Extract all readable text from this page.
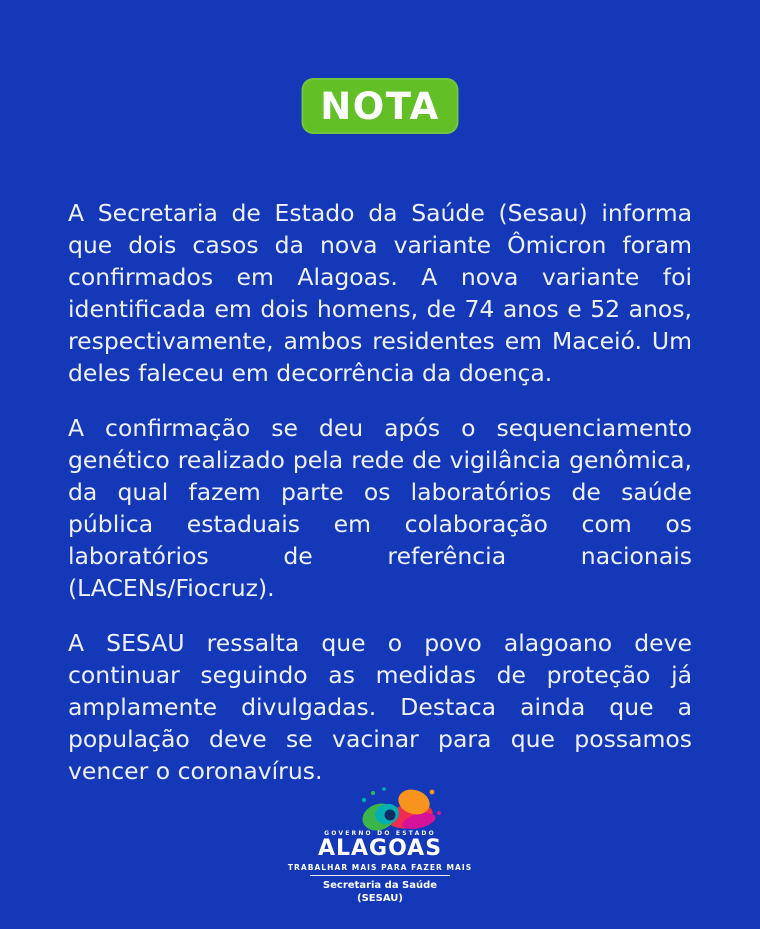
NOTA

A Secretaria de Estado da Saúde (Sesau) informa que dois casos da nova variante Ômicron foram confirmados em Alagoas. A nova variante foi identificada em dois homens, de 74 anos e 52 anos, respectivamente, ambos residentes em Maceió. Um deles faleceu em decorrência da doença.

A confirmação se deu após o sequenciamento genético realizado pela rede de vigilância genômica, da qual fazem parte os laboratórios de saúde pública estaduais em colaboração com os laboratórios de referência nacionais (LACENs/Fiocruz).

A SESAU ressalta que o povo alagoano deve continuar seguindo as medidas de proteção já amplamente divulgadas. Destaca ainda que a população deve se vacinar para que possamos vencer o coronavírus.

GOVERNO DO ESTADO
ALAGOAS
TRABALHAR MAIS PARA FAZER MAIS
Secretaria da Saúde
(SESAU)
